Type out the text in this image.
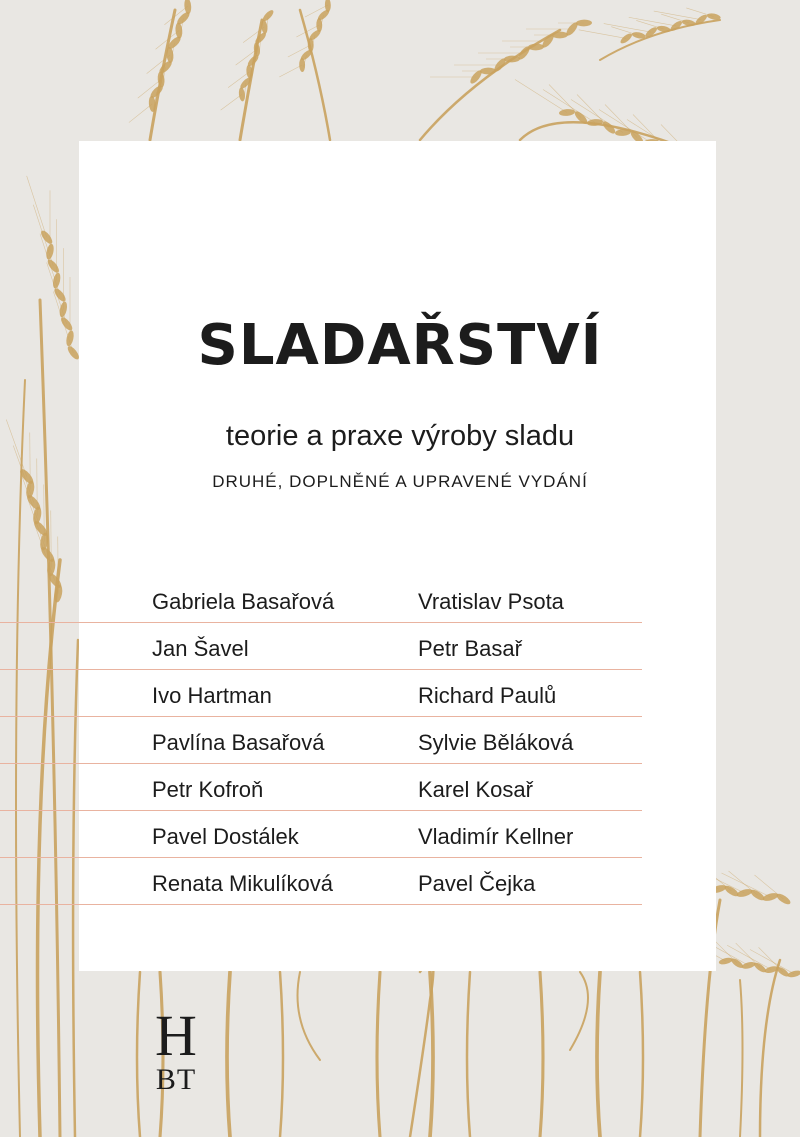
SLADAŘSTVÍ

teorie a praxe výroby sladu

DRUHÉ, DOPLNĚNÉ A UPRAVENÉ VYDÁNÍ

Gabriela Basařová
Jan Šavel
Ivo Hartman
Pavlína Basařová
Petr Kofroň
Pavel Dostálek
Renata Mikulíková
Vratislav Psota
Petr Basař
Richard Paulů
Sylvie Běláková
Karel Kosař
Vladimír Kellner
Pavel Čejka
H
BT
